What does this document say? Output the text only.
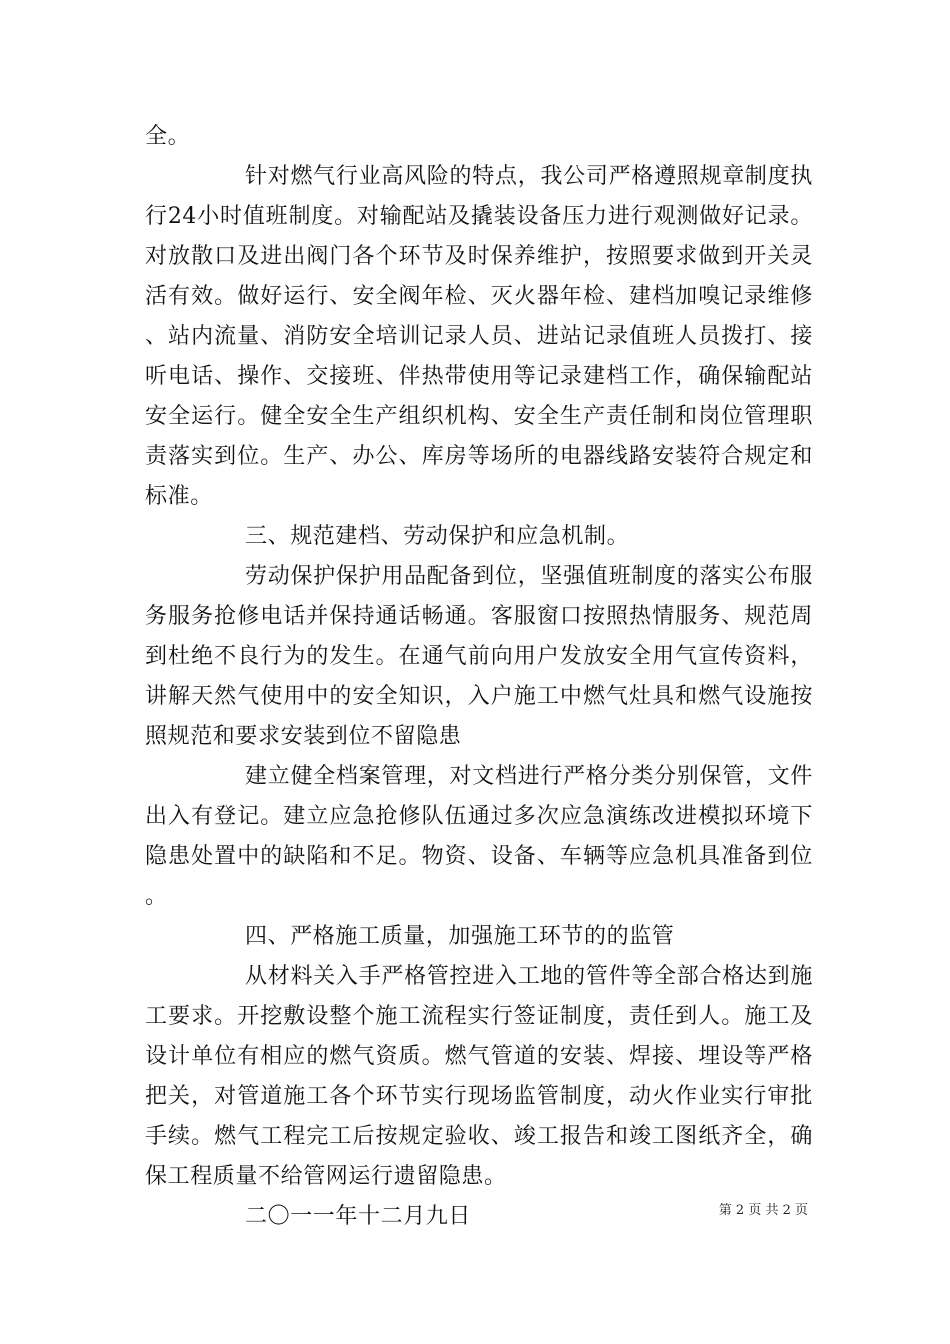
全。

针对燃气行业高风险的特点，我公司严格遵照规章制度执行24小时值班制度。对输配站及撬装设备压力进行观测做好记录。对放散口及进出阀门各个环节及时保养维护，按照要求做到开关灵活有效。做好运行、安全阀年检、灭火器年检、建档加嗅记录维修、站内流量、消防安全培训记录人员、进站记录值班人员拨打、接听电话、操作、交接班、伴热带使用等记录建档工作，确保输配站安全运行。健全安全生产组织机构、安全生产责任制和岗位管理职责落实到位。生产、办公、库房等场所的电器线路安装符合规定和标准。

三、规范建档、劳动保护和应急机制。

劳动保护保护用品配备到位，坚强值班制度的落实公布服务服务抢修电话并保持通话畅通。客服窗口按照热情服务、规范周到杜绝不良行为的发生。在通气前向用户发放安全用气宣传资料，讲解天然气使用中的安全知识，入户施工中燃气灶具和燃气设施按照规范和要求安装到位不留隐患

建立健全档案管理，对文档进行严格分类分别保管，文件出入有登记。建立应急抢修队伍通过多次应急演练改进模拟环境下隐患处置中的缺陷和不足。物资、设备、车辆等应急机具准备到位。

四、严格施工质量，加强施工环节的的监管

从材料关入手严格管控进入工地的管件等全部合格达到施工要求。开挖敷设整个施工流程实行签证制度，责任到人。施工及设计单位有相应的燃气资质。燃气管道的安装、焊接、埋设等严格把关，对管道施工各个环节实行现场监管制度，动火作业实行审批手续。燃气工程完工后按规定验收、竣工报告和竣工图纸齐全，确保工程质量不给管网运行遗留隐患。

二〇一一年十二月九日	第 2 页 共 2 页
